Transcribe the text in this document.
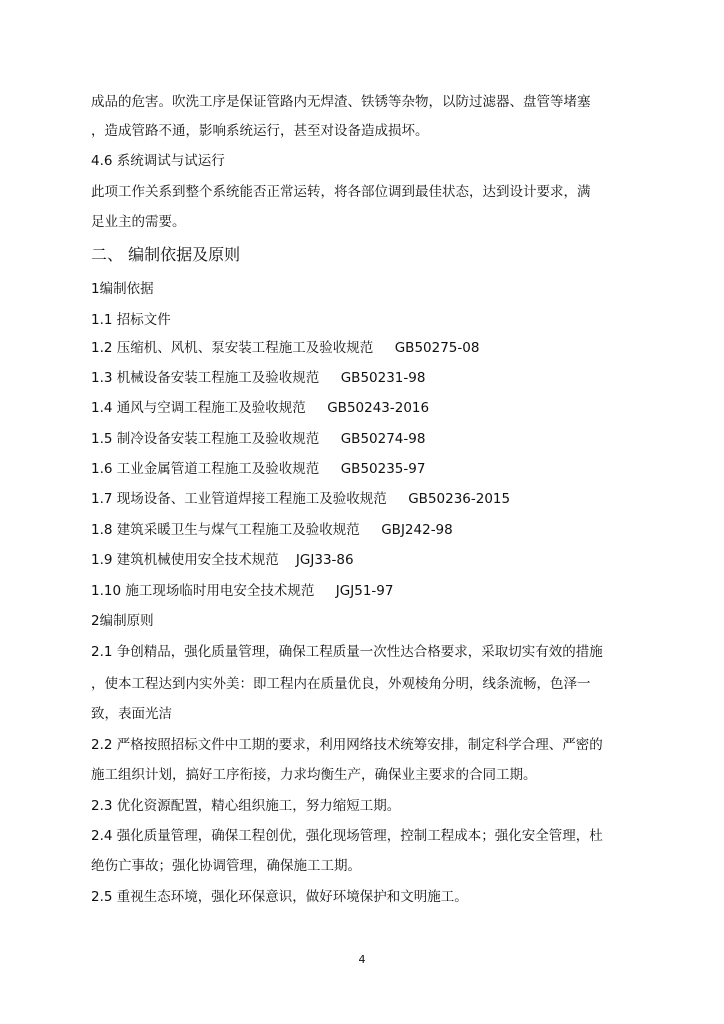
成品的危害。吹洗工序是保证管路内无焊渣、铁锈等杂物，以防过滤器、盘管等堵塞
，造成管路不通，影响系统运行，甚至对设备造成损坏。
4.6 系统调试与试运行
此项工作关系到整个系统能否正常运转，将各部位调到最佳状态，达到设计要求，满
足业主的需要。
二、 编制依据及原则
1编制依据
1.1 招标文件
1.2 压缩机、风机、泵安装工程施工及验收规范     GB50275-08
1.3 机械设备安装工程施工及验收规范     GB50231-98
1.4 通风与空调工程施工及验收规范     GB50243-2016
1.5 制冷设备安装工程施工及验收规范     GB50274-98
1.6 工业金属管道工程施工及验收规范     GB50235-97
1.7 现场设备、工业管道焊接工程施工及验收规范     GB50236-2015
1.8 建筑采暖卫生与煤气工程施工及验收规范     GBJ242-98
1.9 建筑机械使用安全技术规范    JGJ33-86
1.10 施工现场临时用电安全技术规范     JGJ51-97
2编制原则
2.1 争创精品，强化质量管理，确保工程质量一次性达合格要求，采取切实有效的措施
，使本工程达到内实外美：即工程内在质量优良，外观棱角分明，线条流畅，色泽一
致，表面光洁
2.2 严格按照招标文件中工期的要求，利用网络技术统筹安排，制定科学合理、严密的
施工组织计划，搞好工序衔接，力求均衡生产，确保业主要求的合同工期。
2.3 优化资源配置，精心组织施工，努力缩短工期。
2.4 强化质量管理，确保工程创优，强化现场管理，控制工程成本；强化安全管理，杜
绝伤亡事故；强化协调管理，确保施工工期。
2.5 重视生态环境，强化环保意识，做好环境保护和文明施工。
4
